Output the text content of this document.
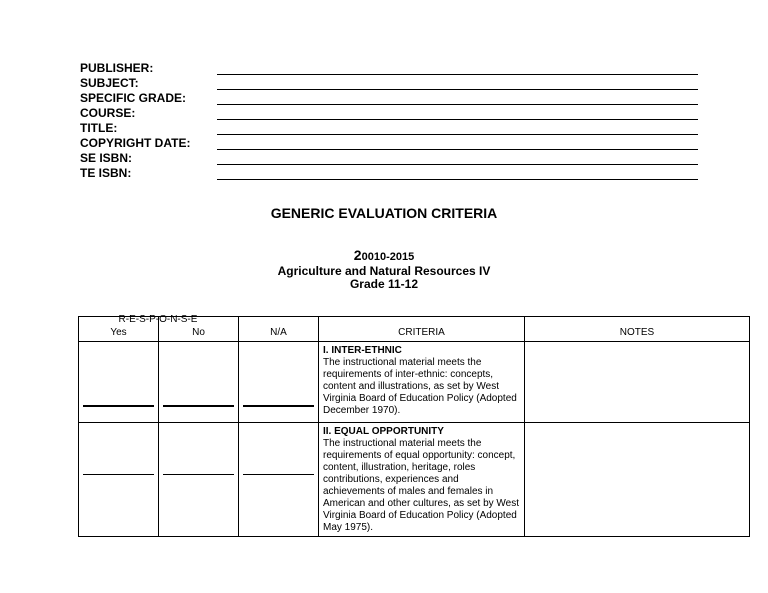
PUBLISHER:
SUBJECT:
SPECIFIC GRADE:
COURSE:
TITLE:
COPYRIGHT DATE:
SE ISBN:
TE ISBN:
GENERIC EVALUATION CRITERIA
20010-2015
Agriculture and Natural Resources IV
Grade 11-12
Yes	No	N/A	CRITERIA	NOTES

			I. INTER-ETHNIC
The instructional material meets the requirements of inter-ethnic: concepts, content and illustrations, as set by West Virginia Board of Education Policy (Adopted December 1970).	

			II. EQUAL OPPORTUNITY
The instructional material meets the requirements of equal opportunity: concept, content, illustration, heritage, roles contributions, experiences and achievements of males and females in American and other cultures, as set by West Virginia Board of Education Policy (Adopted May 1975).	

R-E-S-P-O-N-S-E
